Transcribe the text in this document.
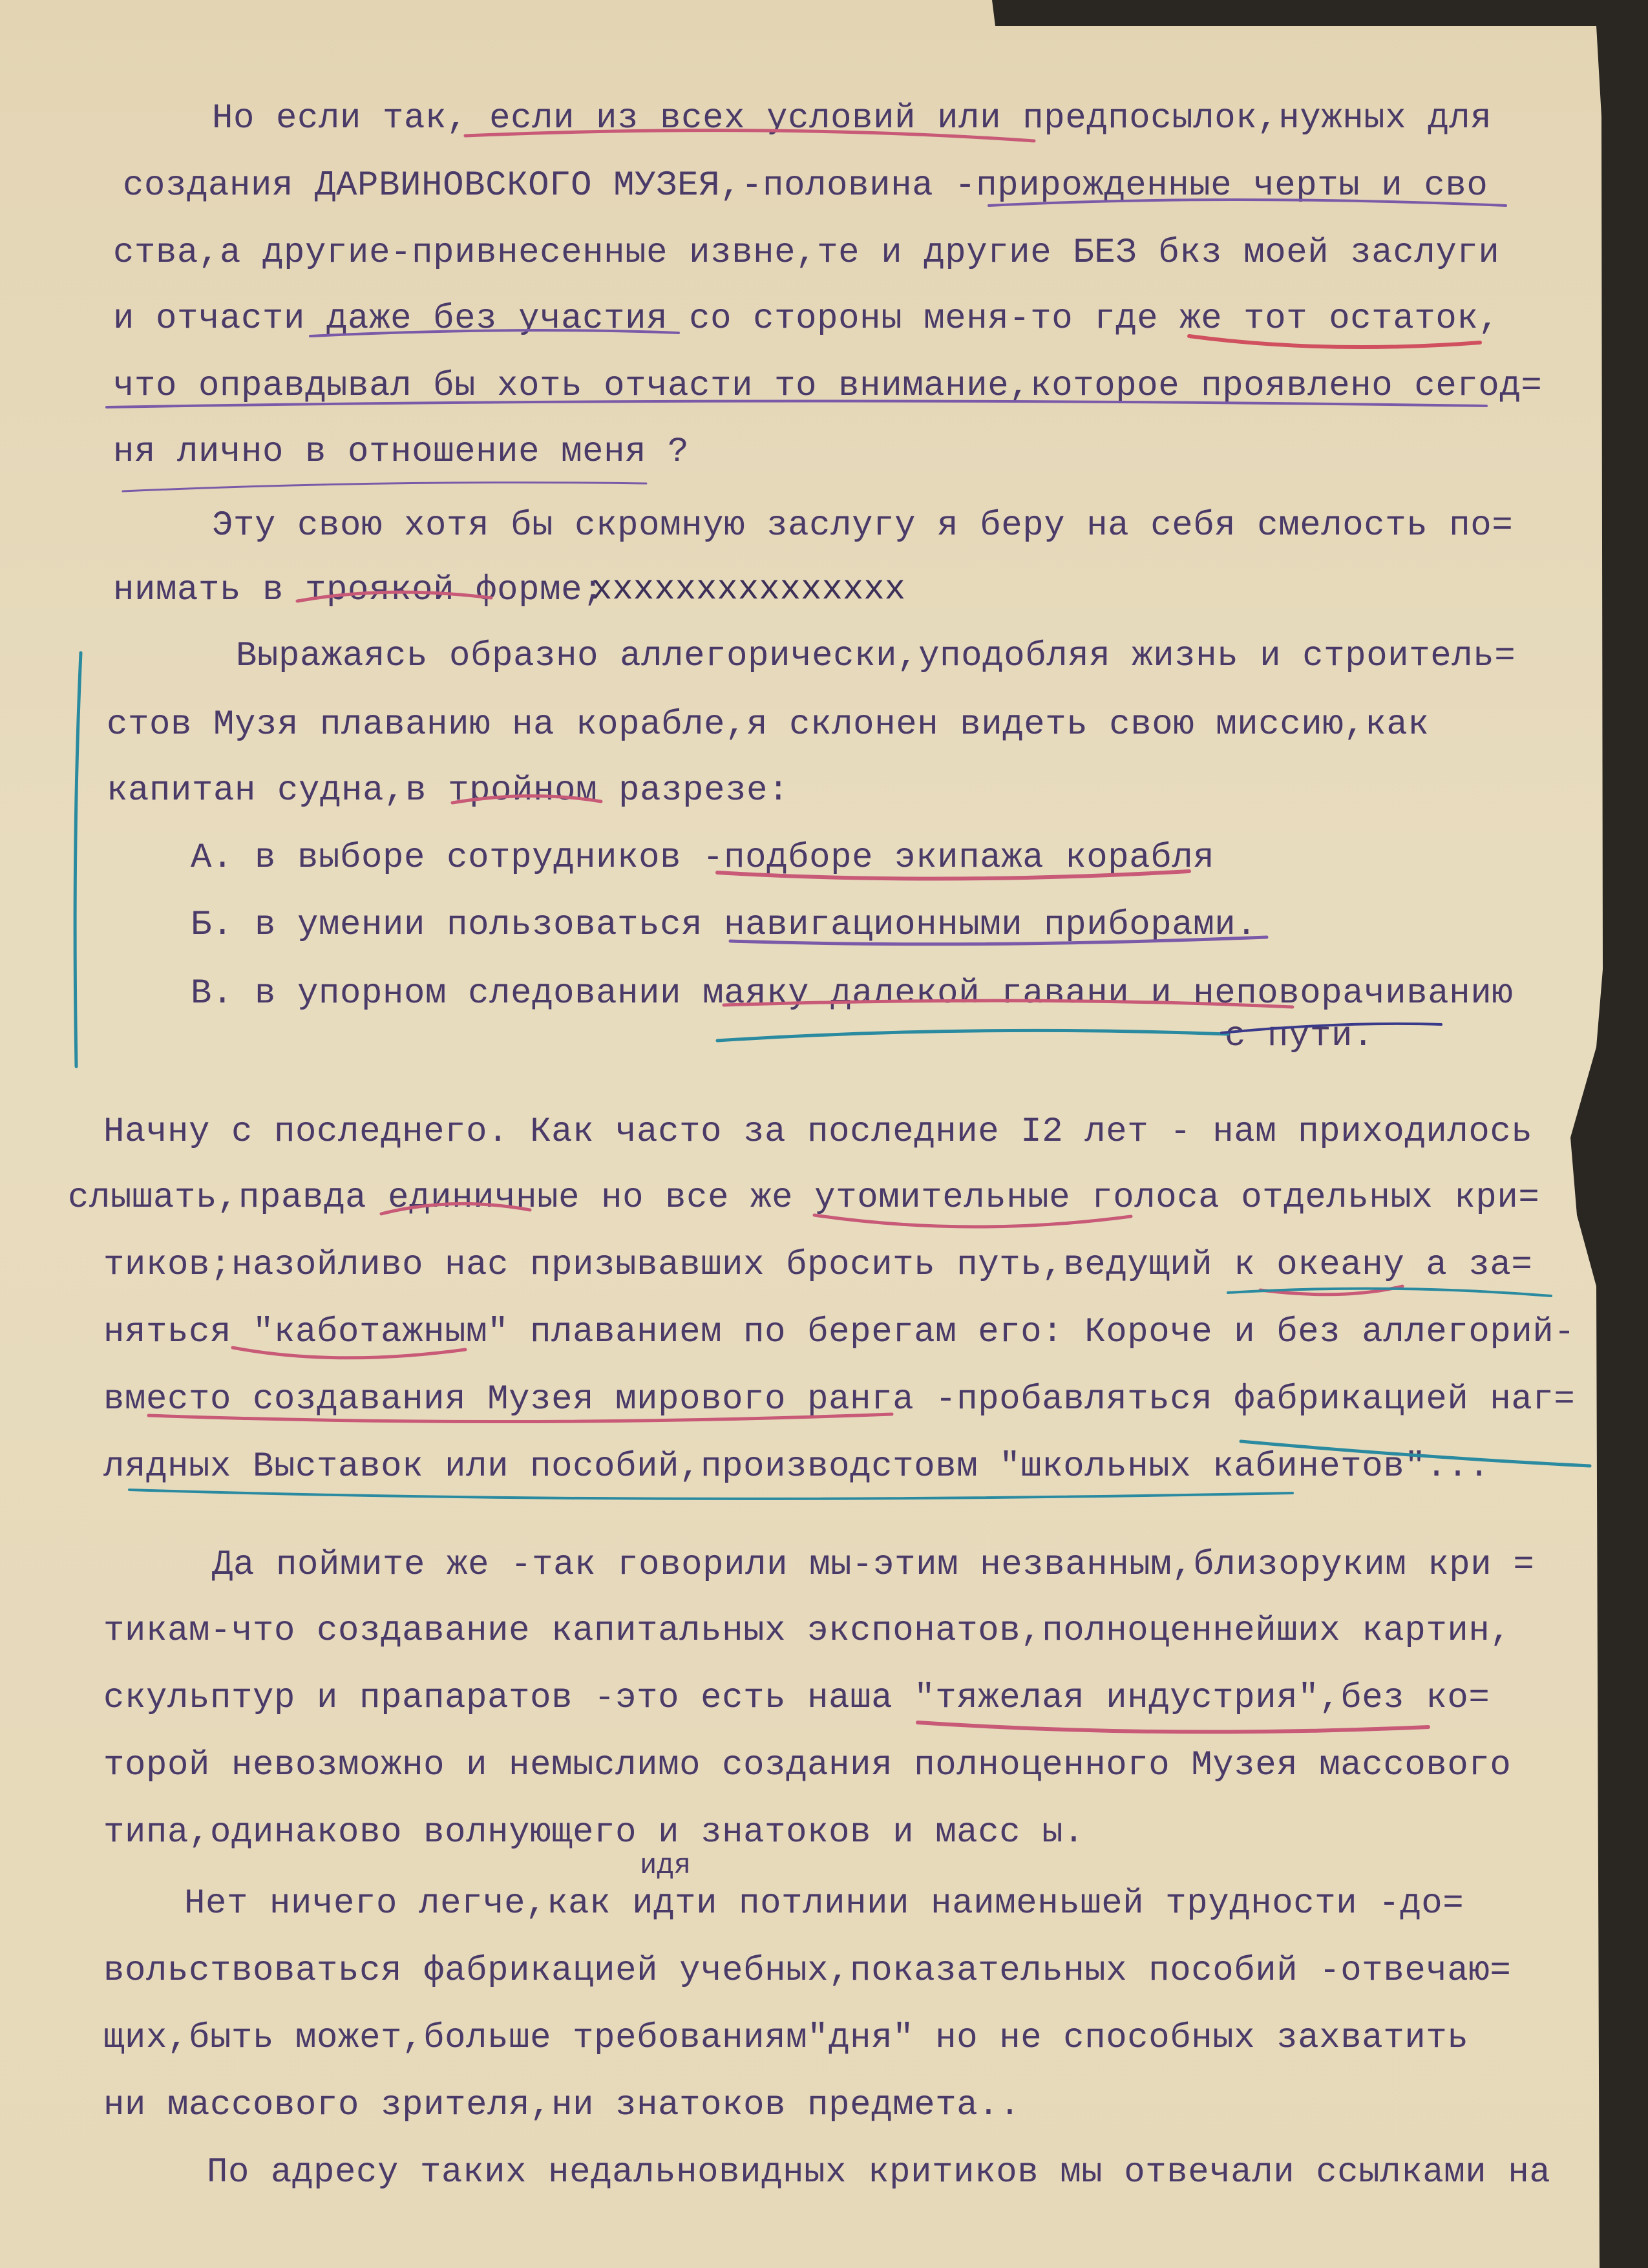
Но если так, если из всех условий или предпосылок,нужных для
создания ДАРВИНОВСКОГО МУЗЕЯ,-половина -прирожденные черты и сво
ства,а другие-привнесенные извне,те и другие БЕЗ бкз моей заслуги
и отчасти даже без участия со стороны меня-то где же тот остаток,
что оправдывал бы хоть отчасти то внимание,которое проявлено сегод=
ня лично в отношение меня ?
Эту свою хотя бы скромную заслугу я беру на себя смелость по=
нимать в троякой форме;
xxxxxxxxxxxxxxx
Выражаясь образно аллегорически,уподобляя жизнь и строитель=
стов Музя плаванию на корабле,я склонен видеть свою миссию,как
капитан судна,в тройном разрезе:
А. в выборе сотрудников -подборе экипажа корабля
Б. в умении пользоваться навигационными приборами.
В. в упорном следовании маяку далекой гавани и неповорачиванию
с пути.
Начну с последнего. Как часто за последние I2 лет - нам приходилось
слышать,правда единичные но все же утомительные голоса отдельных кри=
тиков;назойливо нас призывавших бросить путь,ведущий к океану а за=
няться "каботажным" плаванием по берегам его: Короче и без аллегорий-
вместо создавания Музея мирового ранга -пробавляться фабрикацией наг=
лядных Выставок или пособий,производстовм "школьных кабинетов"...
Да поймите же -так говорили мы-этим незванным,близоруким кри =
тикам-что создавание капитальных экспонатов,полноценнейших картин,
скульптур и прапаратов -это есть наша "тяжелая индустрия",без ко=
торой невозможно и немыслимо создания полноценного Музея массового
типа,одинаково волнующего и знатоков и масс ы.
идя
Нет ничего легче,как идти потлинии наименьшей трудности -до=
вольствоваться фабрикацией учебных,показательных пособий -отвечаю=
щих,быть может,больше требованиям"дня" но не способных захватить
ни массового зрителя,ни знатоков предмета..
По адресу таких недальновидных критиков мы отвечали ссылками на
